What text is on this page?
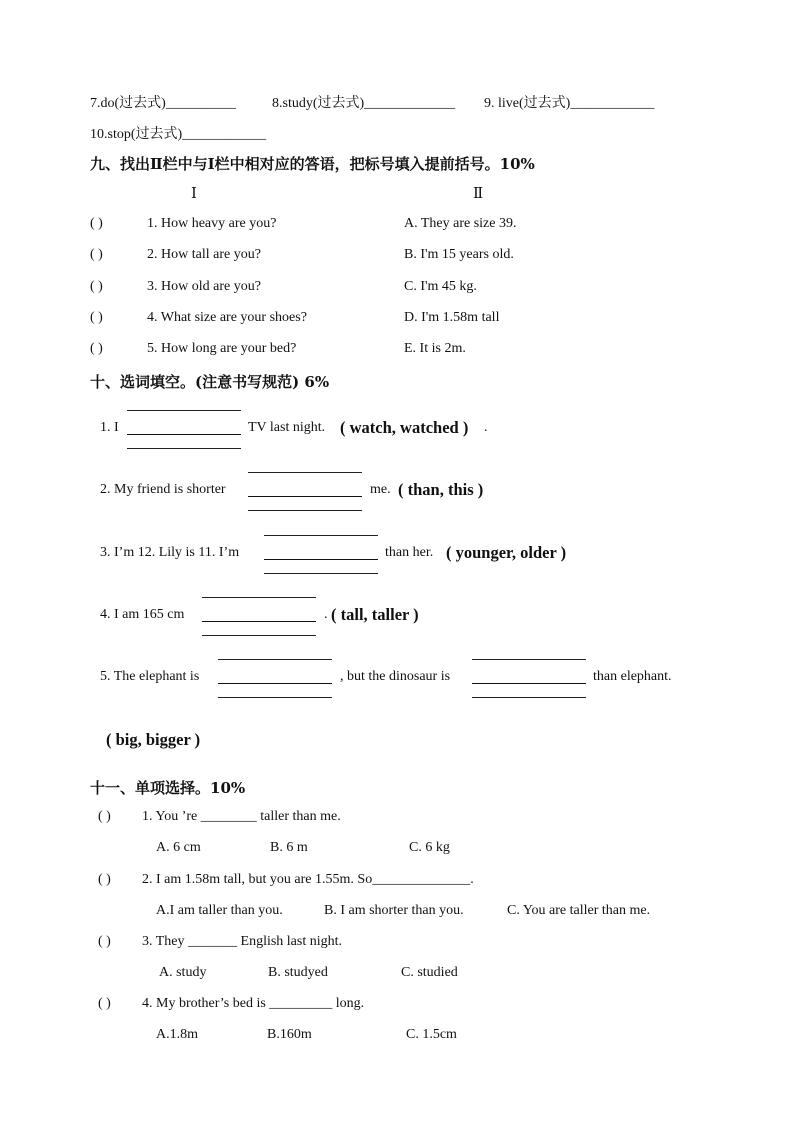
7.do(过去式)__________	8.study(过去式)_____________ 9. live(过去式)____________
10.stop(过去式)____________
九、找出Ⅱ栏中与Ⅰ栏中相对应的答语，把标号填入提前括号。10%
Ⅰ	Ⅱ
( )	1. How heavy are you?	A. They are size 39.
( )	2. How tall are you?	B. I'm 15 years old.
( )	3. How old are you?	C. I'm 45 kg.
( )	4. What size are your shoes?	D. I'm 1.58m tall
( )	5. How long are your bed?	E. It is 2m.
十、选词填空。(注意书写规范) 6%
1. I	TV last night. ( watch, watched ) .
2. My friend is shorter	me. ( than, this )
3. I’m 12. Lily is 11. I’m	than her. ( younger, older )
4. I am 165 cm	. ( tall, taller )
5. The elephant is	, but the dinosaur is	than elephant.
( big, bigger )
十一、单项选择。10%
( ) 1. You ’re ________ taller than me.
A. 6 cm	B. 6 m	C. 6 kg
( ) 2. I am 1.58m tall, but you are 1.55m. So______________.
A.I am taller than you.	B. I am shorter than you.	C. You are taller than me.
( ) 3. They _______ English last night.
A. study	B. studyed	C. studied
( ) 4. My brother’s bed is _________ long.
A.1.8m	B.160m	C. 1.5cm
